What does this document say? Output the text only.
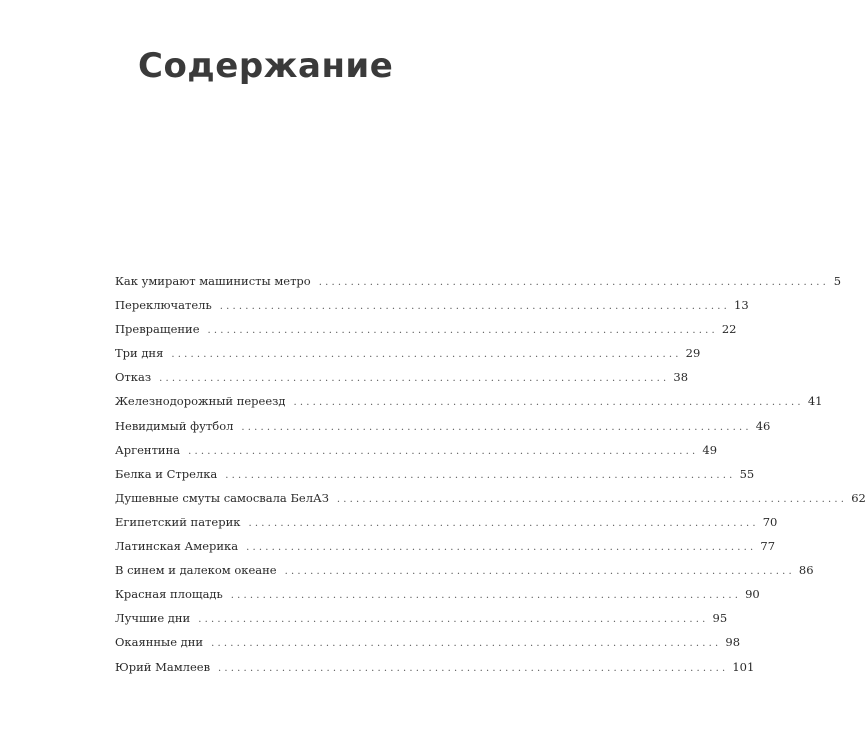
Содержание
Как умирают машинисты метро ................................................................................ 5
Переключатель ................................................................................ 13
Превращение ................................................................................ 22
Три дня ................................................................................ 29
Отказ ................................................................................ 38
Железнодорожный переезд ................................................................................ 41
Невидимый футбол ................................................................................ 46
Аргентина ................................................................................ 49
Белка и Стрелка ................................................................................ 55
Душевные смуты самосвала БелАЗ ................................................................................ 62
Египетский патерик ................................................................................ 70
Латинская Америка ................................................................................ 77
В синем и далеком океане ................................................................................ 86
Красная площадь ................................................................................ 90
Лучшие дни ................................................................................ 95
Окаянные дни ................................................................................ 98
Юрий Мамлеев ................................................................................ 101
